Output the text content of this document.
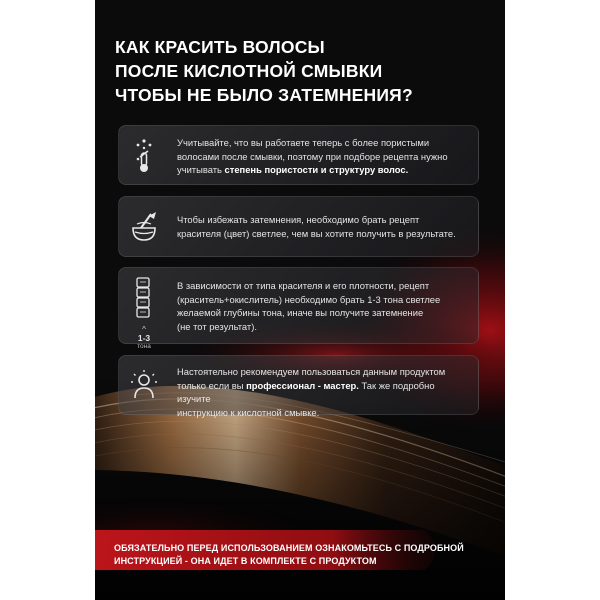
КАК КРАСИТЬ ВОЛОСЫ
ПОСЛЕ КИСЛОТНОЙ СМЫВКИ
ЧТОБЫ НЕ БЫЛО ЗАТЕМНЕНИЯ?
Учитывайте, что вы работаете теперь с более пористыми
волосами после смывки, поэтому при подборе рецепта нужно
учитывать степень пористости и структуру волос.
Чтобы избежать затемнения, необходимо брать рецепт
красителя (цвет) светлее, чем вы хотите получить в результате.
^
1-3
тона
В зависимости от типа красителя и его плотности, рецепт
(краситель+окислитель) необходимо брать 1-3 тона светлее
желаемой глубины тона, иначе вы получите затемнение
(не тот результат).
Настоятельно рекомендуем пользоваться данным продуктом
только если вы профессионал - мастер. Так же подробно изучите
инструкцию к кислотной смывке.

ОБЯЗАТЕЛЬНО ПЕРЕД ИСПОЛЬЗОВАНИЕМ ОЗНАКОМЬТЕСЬ С ПОДРОБНОЙ
ИНСТРУКЦИЕЙ - ОНА ИДЕТ В КОМПЛЕКТЕ С ПРОДУКТОМ
